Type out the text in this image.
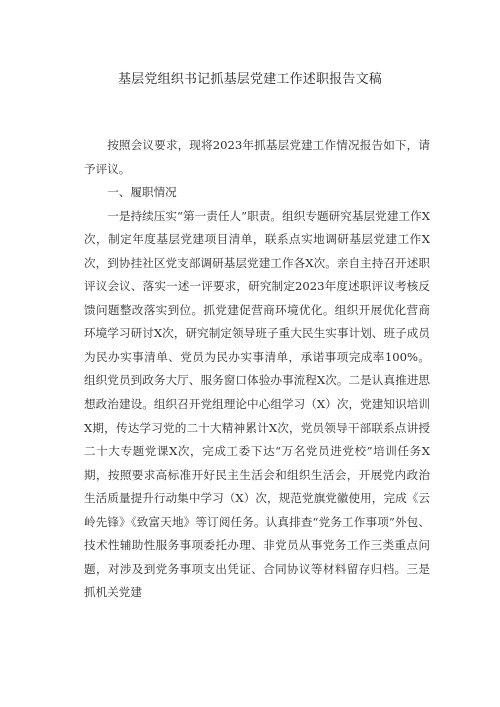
基层党组织书记抓基层党建工作述职报告文稿

按照会议要求，现将2023年抓基层党建工作情况报告如下，请予评议。

一、履职情况

一是持续压实“第一责任人”职责。组织专题研究基层党建工作X次，制定年度基层党建项目清单，联系点实地调研基层党建工作X次，到协挂社区党支部调研基层党建工作各X次。亲自主持召开述职评议会议、落实一述一评要求，研究制定2023年度述职评议考核反馈问题整改落实到位。抓党建促营商环境优化。组织开展优化营商环境学习研讨X次，研究制定领导班子重大民生实事计划、班子成员为民办实事清单、党员为民办实事清单，承诺事项完成率100%。组织党员到政务大厅、服务窗口体验办事流程X次。二是认真推进思想政治建设。组织召开党组理论中心组学习（X）次，党建知识培训X期，传达学习党的二十大精神累计X次，党员领导干部联系点讲授二十大专题党课X次，完成工委下达“万名党员进党校”培训任务X期，按照要求高标准开好民主生活会和组织生活会，开展党内政治生活质量提升行动集中学习（X）次，规范党旗党徽使用，完成《云岭先锋》《致富天地》等订阅任务。认真排查“党务工作事项”外包、技术性辅助性服务事项委托办理、非党员从事党务工作三类重点问题，对涉及到党务事项支出凭证、合同协议等材料留存归档。三是抓机关党建
